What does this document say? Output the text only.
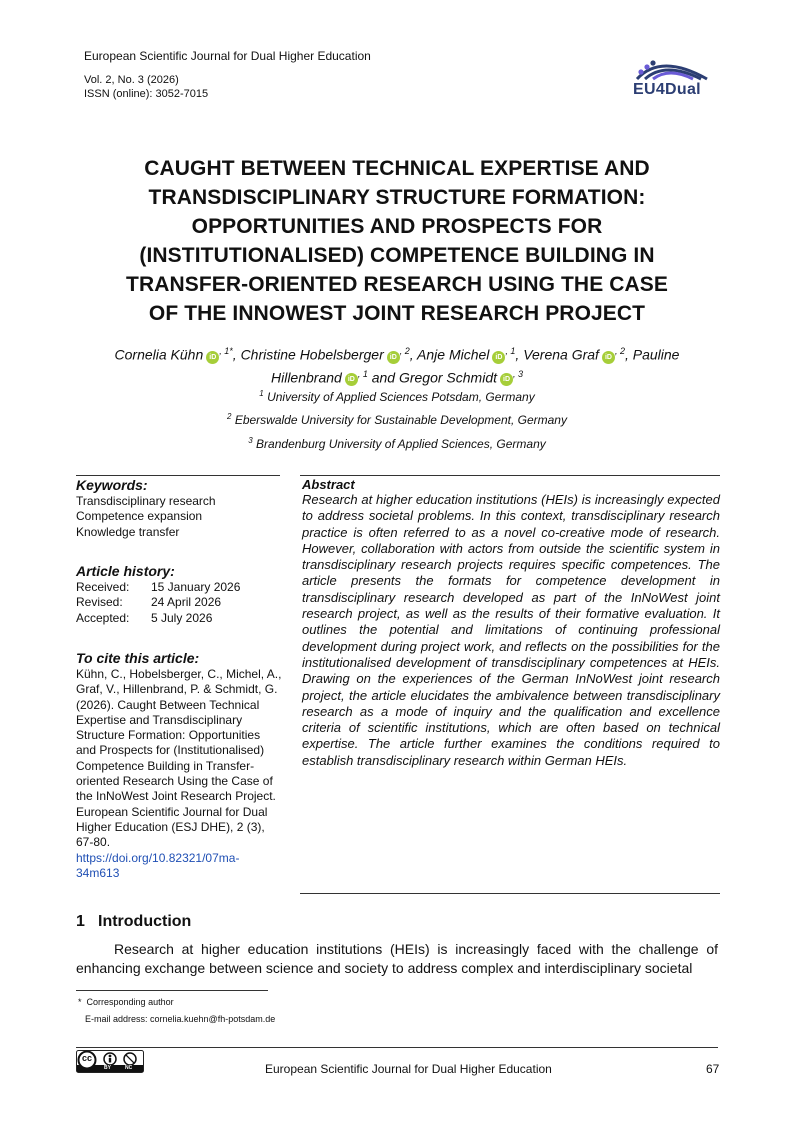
European Scientific Journal for Dual Higher Education
Vol. 2, No. 3 (2026)
ISSN (online): 3052-7015	EU4Dual
CAUGHT BETWEEN TECHNICAL EXPERTISE AND
TRANSDISCIPLINARY STRUCTURE FORMATION:
OPPORTUNITIES AND PROSPECTS FOR
(INSTITUTIONALISED) COMPETENCE BUILDING IN
TRANSFER-ORIENTED RESEARCH USING THE CASE
OF THE INNOWEST JOINT RESEARCH PROJECT
Cornelia Kühn $iD^{, 1*}$, Christine Hobelsberger $iD^{, 2}$, Anje Michel $iD^{, 1}$, Verena Graf $iD^{, 2}$, Pauline
Hillenbrand $iD^{, 1}$ and Gregor Schmidt $iD^{, 3}$
$^1$ University of Applied Sciences Potsdam, Germany
$^2$ Eberswalde University for Sustainable Development, Germany
$^3$ Brandenburg University of Applied Sciences, Germany
Keywords:
Transdisciplinary research
Competence expansion
Knowledge transfer
Article history:
Received:	15 January 2026
Revised:	24 April 2026
Accepted:	5 July 2026
To cite this article:
Kühn, C., Hobelsberger, C., Michel, A., Graf, V., Hillenbrand, P. & Schmidt, G. (2026). Caught Between Technical Expertise and Transdisciplinary Structure Formation: Opportunities and Prospects for (Institutionalised) Competence Building in Transfer-oriented Research Using the Case of the InNoWest Joint Research Project. European Scientific Journal for Dual Higher Education (ESJ DHE), 2 (3), 67-80.
https://doi.org/10.82321/07ma-34m613
Abstract

Research at higher education institutions (HEIs) is increasingly expected to address societal problems. In this context, transdisciplinary research practice is often referred to as a novel co-creative mode of research. However, collaboration with actors from outside the scientific system in transdisciplinary research projects requires specific competences. The article presents the formats for competence development in transdisciplinary research developed as part of the InNoWest joint research project, as well as the results of their formative evaluation. It outlines the potential and limitations of continuing professional development during project work, and reflects on the possibilities for the institutionalised development of transdisciplinary competences at HEIs. Drawing on the experiences of the German InNoWest joint research project, the article elucidates the ambivalence between transdisciplinary research as a mode of inquiry and the qualification and excellence criteria of scientific institutions, which are often based on technical expertise. The article further examines the conditions required to establish transdisciplinary research within German HEIs.

1 Introduction

Research at higher education institutions (HEIs) is increasingly faced with the challenge of enhancing exchange between science and society to address complex and interdisciplinary societal

* Corresponding author
E-mail address: cornelia.kuehn@fh-potsdam.de
cc
BY	NC	European Scientific Journal for Dual Higher Education	67
